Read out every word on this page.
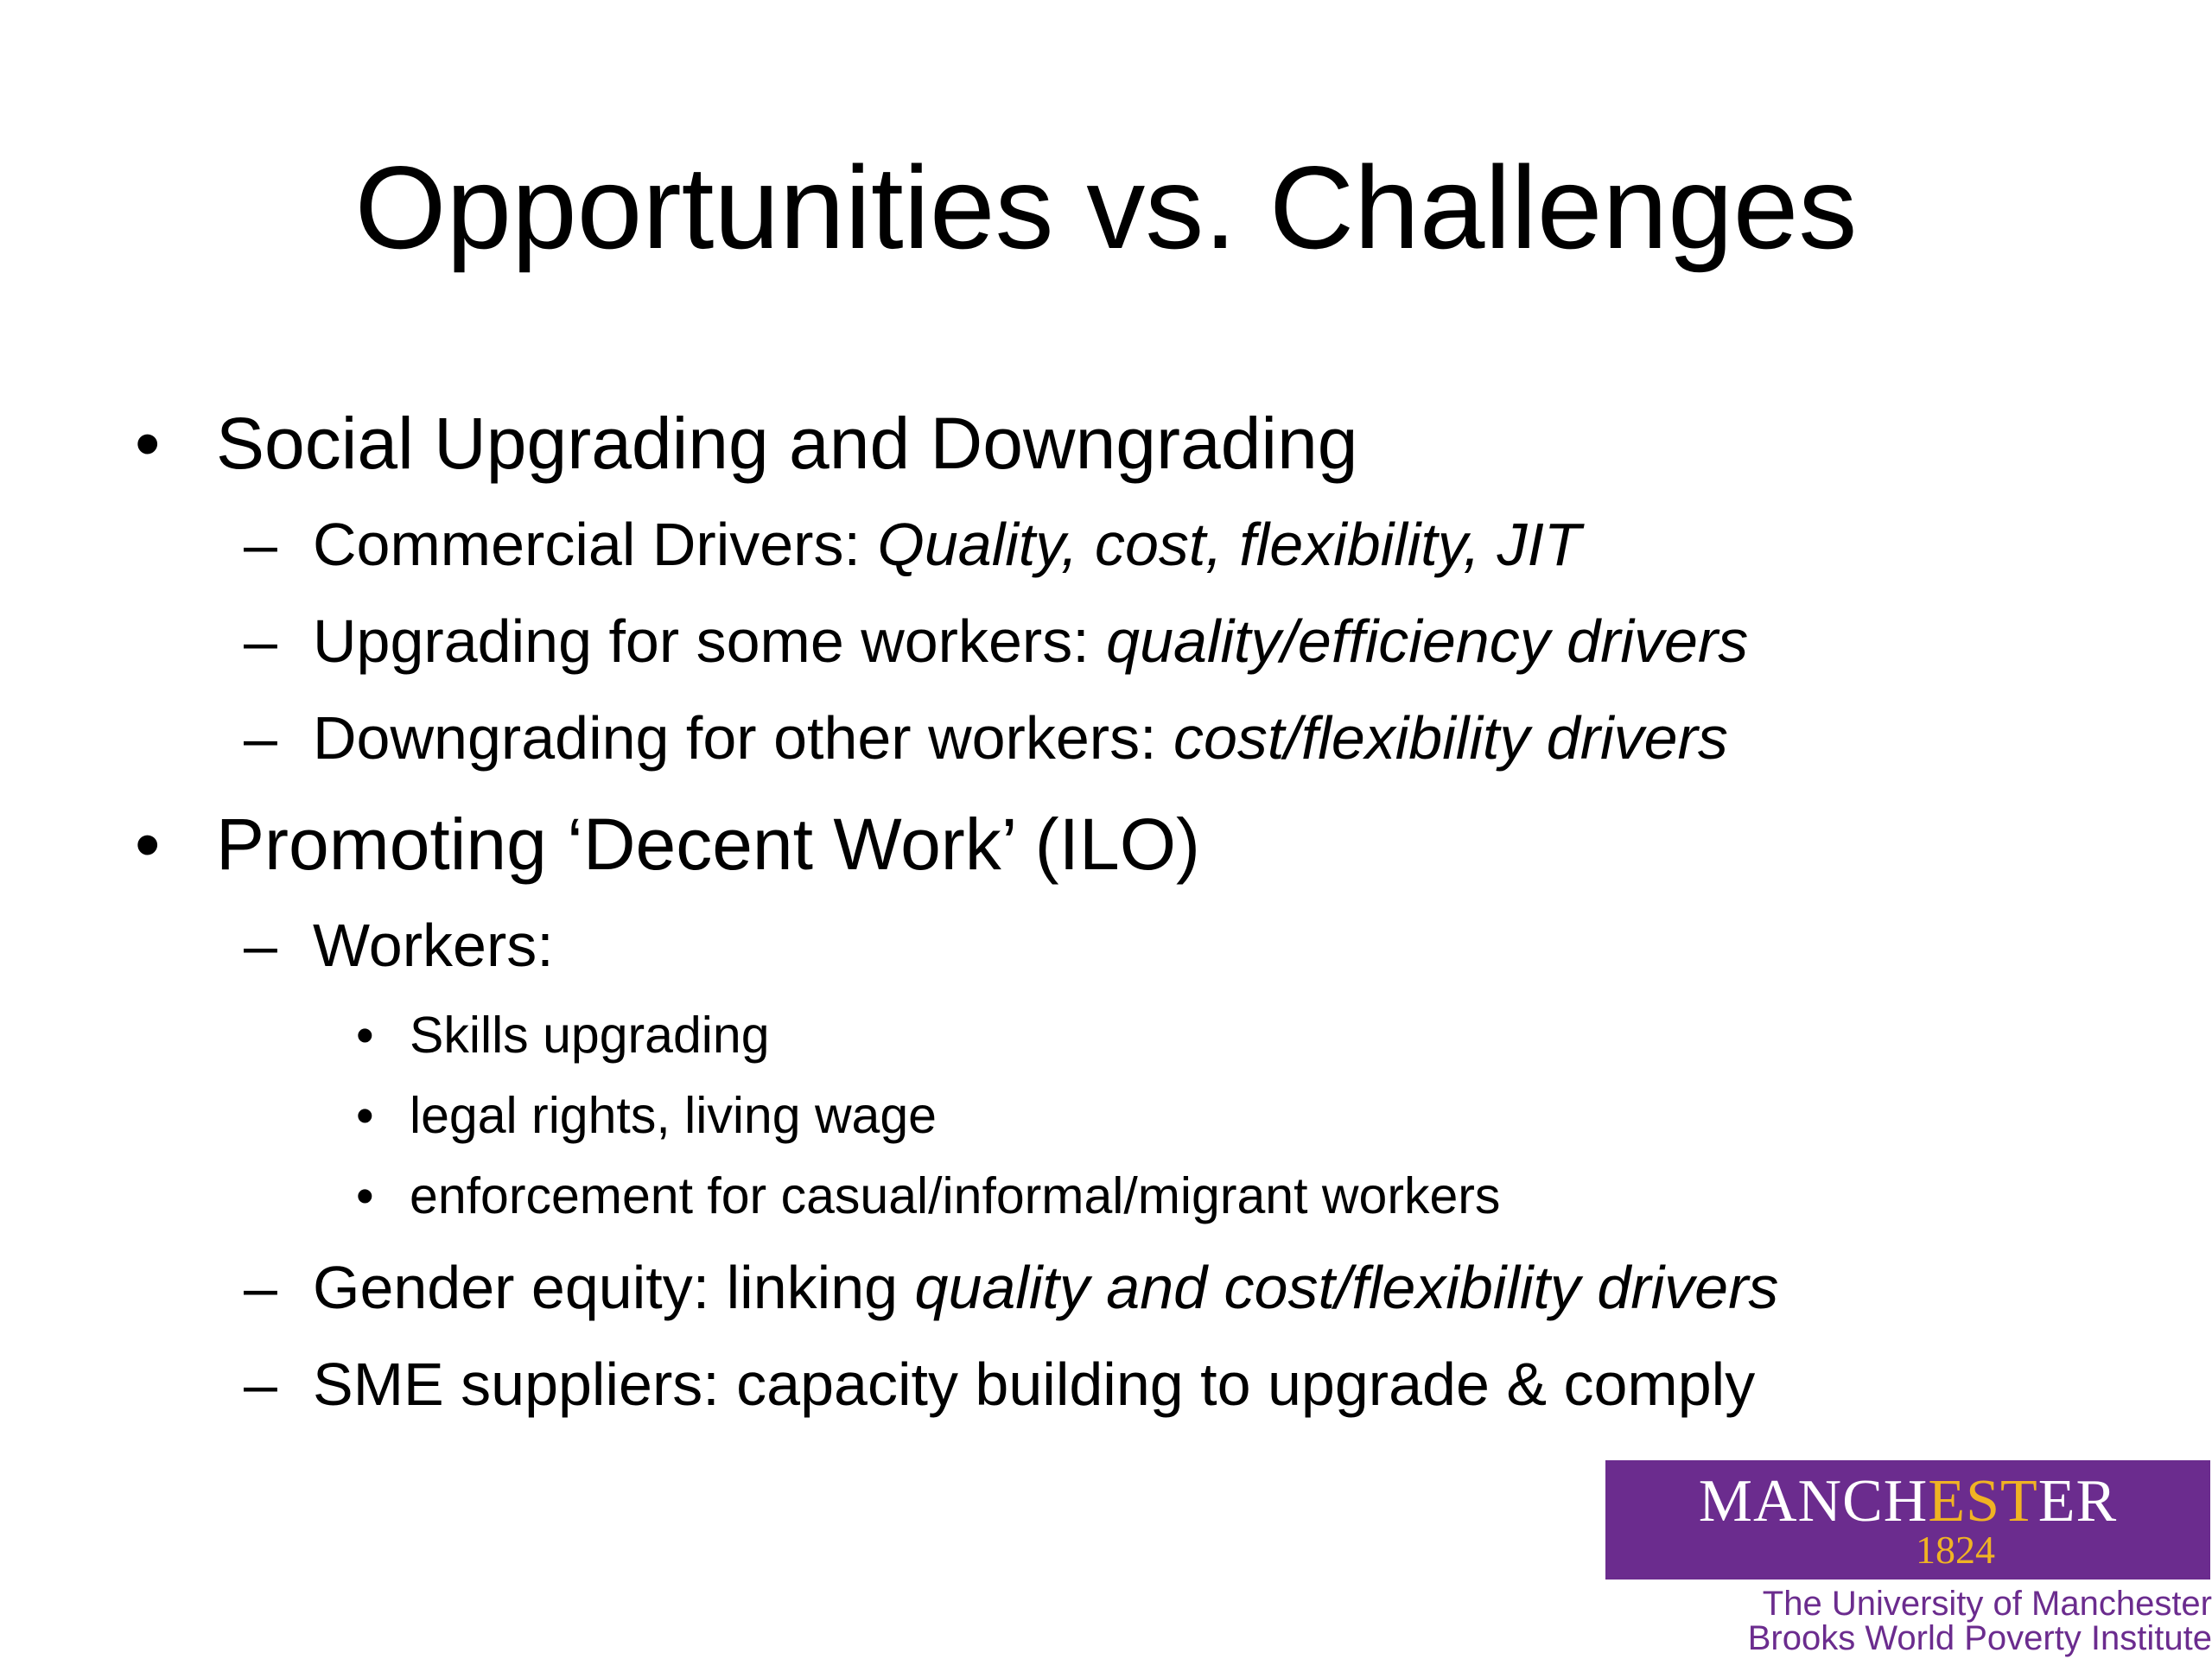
Opportunities vs. Challenges
• Social Upgrading and Downgrading
– Commercial Drivers: Quality, cost, flexibility, JIT
– Upgrading for some workers: quality/efficiency drivers
– Downgrading for other workers: cost/flexibility drivers
• Promoting ‘Decent Work’ (ILO)
– Workers:
• Skills upgrading
• legal rights, living wage
• enforcement for casual/informal/migrant workers
– Gender equity: linking quality and cost/flexibility drivers
– SME suppliers: capacity building to upgrade & comply
MANCHESTER
1824
The University of Manchester
Brooks World Poverty Institute
